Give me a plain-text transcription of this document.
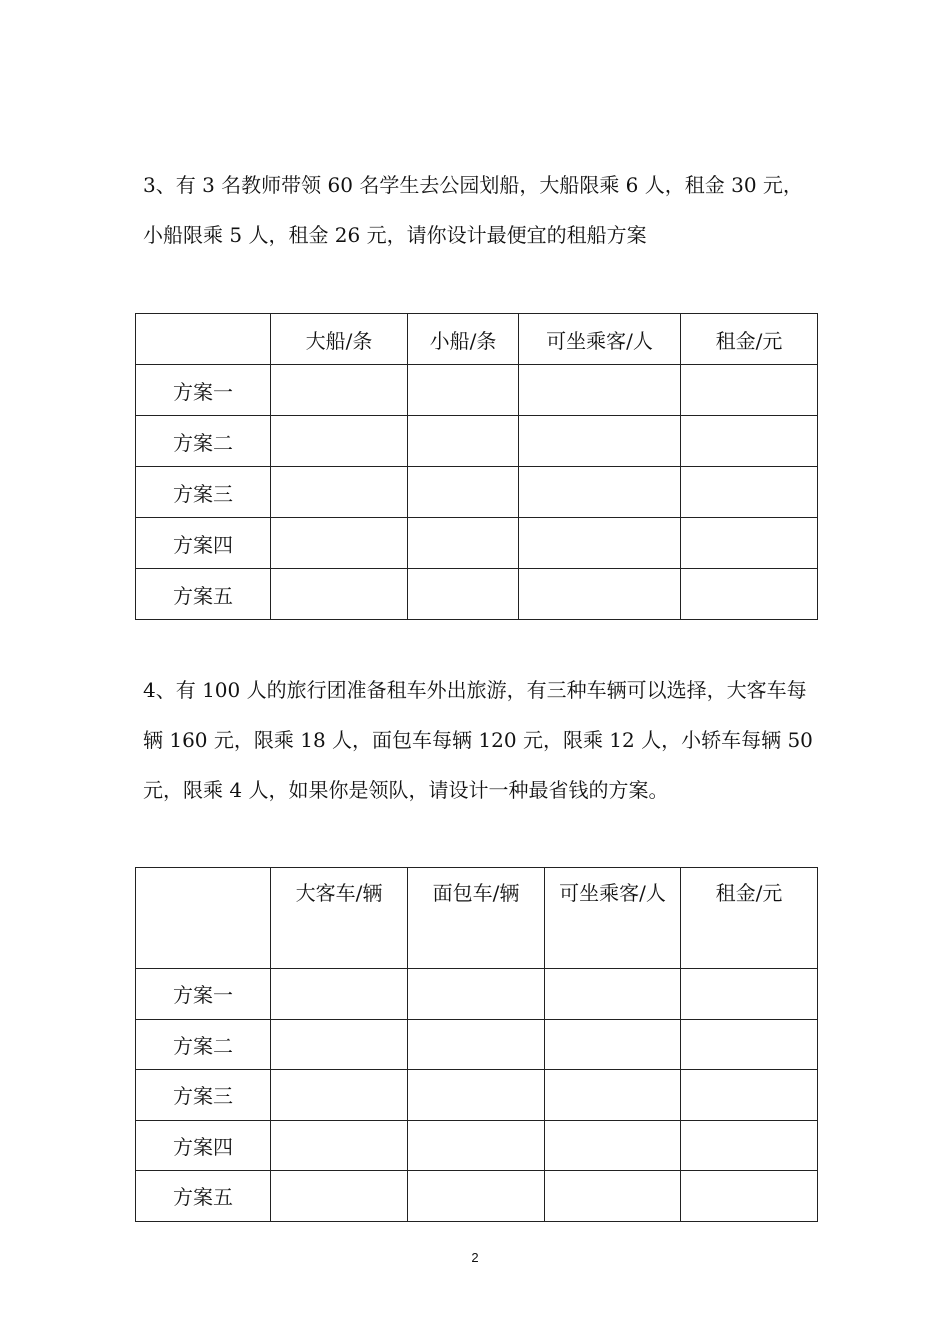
3、有 3 名教师带领 60 名学生去公园划船，大船限乘 6 人，租金 30 元，小船限乘 5 人，租金 26 元，请你设计最便宜的租船方案

	大船/条	小船/条	可坐乘客/人	租金/元
方案一				
方案二				
方案三				
方案四				
方案五				

4、有 100 人的旅行团准备租车外出旅游，有三种车辆可以选择，大客车每辆 160 元，限乘 18 人，面包车每辆 120 元，限乘 12 人，小轿车每辆 50 元，限乘 4 人，如果你是领队，请设计一种最省钱的方案。

	大客车/辆	面包车/辆	可坐乘客/人	租金/元
方案一				
方案二				
方案三				
方案四				
方案五				
2
